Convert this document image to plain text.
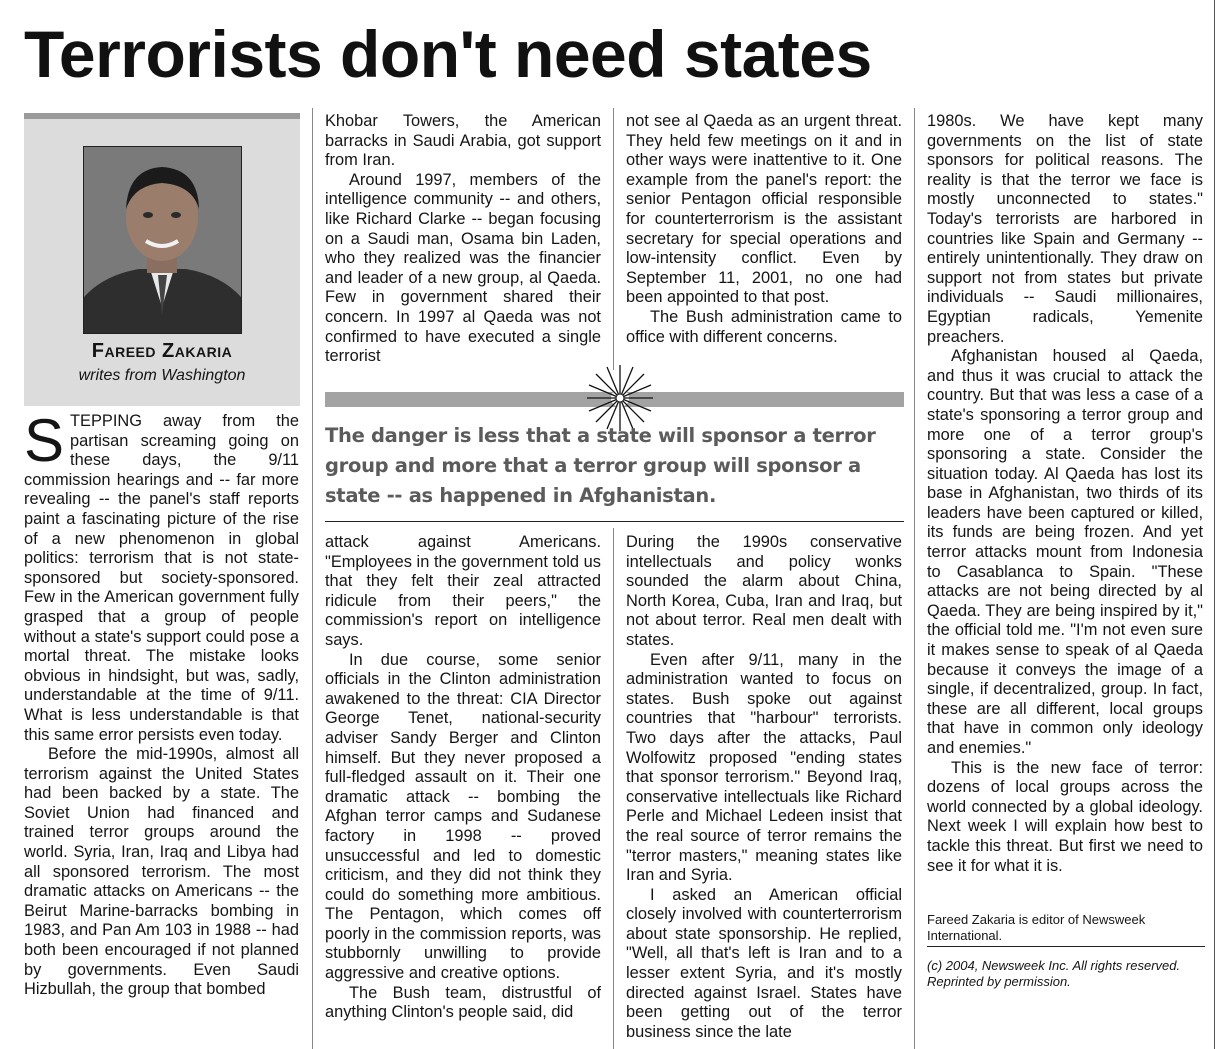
Terrorists don't need states
Fareed Zakaria
writes from Washington
S TEPPING away from the partisan screaming going on these days, the 9/11 commission hearings and -- far more revealing -- the panel's staff reports paint a fascinating picture of the rise of a new phenomenon in global politics: terrorism that is not state-sponsored but society-sponsored. Few in the American government fully grasped that a group of people without a state's support could pose a mortal threat. The mistake looks obvious in hindsight, but was, sadly, understandable at the time of 9/11. What is less understandable is that this same error persists even today.

Before the mid-1990s, almost all terrorism against the United States had been backed by a state. The Soviet Union had financed and trained terror groups around the world. Syria, Iran, Iraq and Libya had all sponsored terrorism. The most dramatic attacks on Americans -- the Beirut Marine-barracks bombing in 1983, and Pan Am 103 in 1988 -- had both been encouraged if not planned by governments. Even Saudi Hizbullah, the group that bombed

Khobar Towers, the American barracks in Saudi Arabia, got support from Iran.

Around 1997, members of the intelligence community -- and others, like Richard Clarke -- began focusing on a Saudi man, Osama bin Laden, who they realized was the financier and leader of a new group, al Qaeda. Few in government shared their concern. In 1997 al Qaeda was not confirmed to have executed a single terrorist

not see al Qaeda as an urgent threat. They held few meetings on it and in other ways were inattentive to it. One example from the panel's report: the senior Pentagon official responsible for counterterrorism is the assistant secretary for special operations and low-intensity conflict. Even by September 11, 2001, no one had been appointed to that post.

The Bush administration came to office with different concerns.

The danger is less that a state will sponsor a terror group and more that a terror group will sponsor a state -- as happened in Afghanistan.

attack against Americans. "Employees in the government told us that they felt their zeal attracted ridicule from their peers," the commission's report on intelligence says.

In due course, some senior officials in the Clinton administration awakened to the threat: CIA Director George Tenet, national-security adviser Sandy Berger and Clinton himself. But they never proposed a full-fledged assault on it. Their one dramatic attack -- bombing the Afghan terror camps and Sudanese factory in 1998 -- proved unsuccessful and led to domestic criticism, and they did not think they could do something more ambitious. The Pentagon, which comes off poorly in the commission reports, was stubbornly unwilling to provide aggressive and creative options.

The Bush team, distrustful of anything Clinton's people said, did

During the 1990s conservative intellectuals and policy wonks sounded the alarm about China, North Korea, Cuba, Iran and Iraq, but not about terror. Real men dealt with states.

Even after 9/11, many in the administration wanted to focus on states. Bush spoke out against countries that "harbour" terrorists. Two days after the attacks, Paul Wolfowitz proposed "ending states that sponsor terrorism." Beyond Iraq, conservative intellectuals like Richard Perle and Michael Ledeen insist that the real source of terror remains the "terror masters," meaning states like Iran and Syria.

I asked an American official closely involved with counterterrorism about state sponsorship. He replied, "Well, all that's left is Iran and to a lesser extent Syria, and it's mostly directed against Israel. States have been getting out of the terror business since the late

1980s. We have kept many governments on the list of state sponsors for political reasons. The reality is that the terror we face is mostly unconnected to states." Today's terrorists are harbored in countries like Spain and Germany -- entirely unintentionally. They draw on support not from states but private individuals -- Saudi millionaires, Egyptian radicals, Yemenite preachers.

Afghanistan housed al Qaeda, and thus it was crucial to attack the country. But that was less a case of a state's sponsoring a terror group and more one of a terror group's sponsoring a state. Consider the situation today. Al Qaeda has lost its base in Afghanistan, two thirds of its leaders have been captured or killed, its funds are being frozen. And yet terror attacks mount from Indonesia to Casablanca to Spain. "These attacks are not being directed by al Qaeda. They are being inspired by it," the official told me. "I'm not even sure it makes sense to speak of al Qaeda because it conveys the image of a single, if decentralized, group. In fact, these are all different, local groups that have in common only ideology and enemies."

This is the new face of terror: dozens of local groups across the world connected by a global ideology. Next week I will explain how best to tackle this threat. But first we need to see it for what it is.

Fareed Zakaria is editor of Newsweek International.
(c) 2004, Newsweek Inc. All rights reserved. Reprinted by permission.
